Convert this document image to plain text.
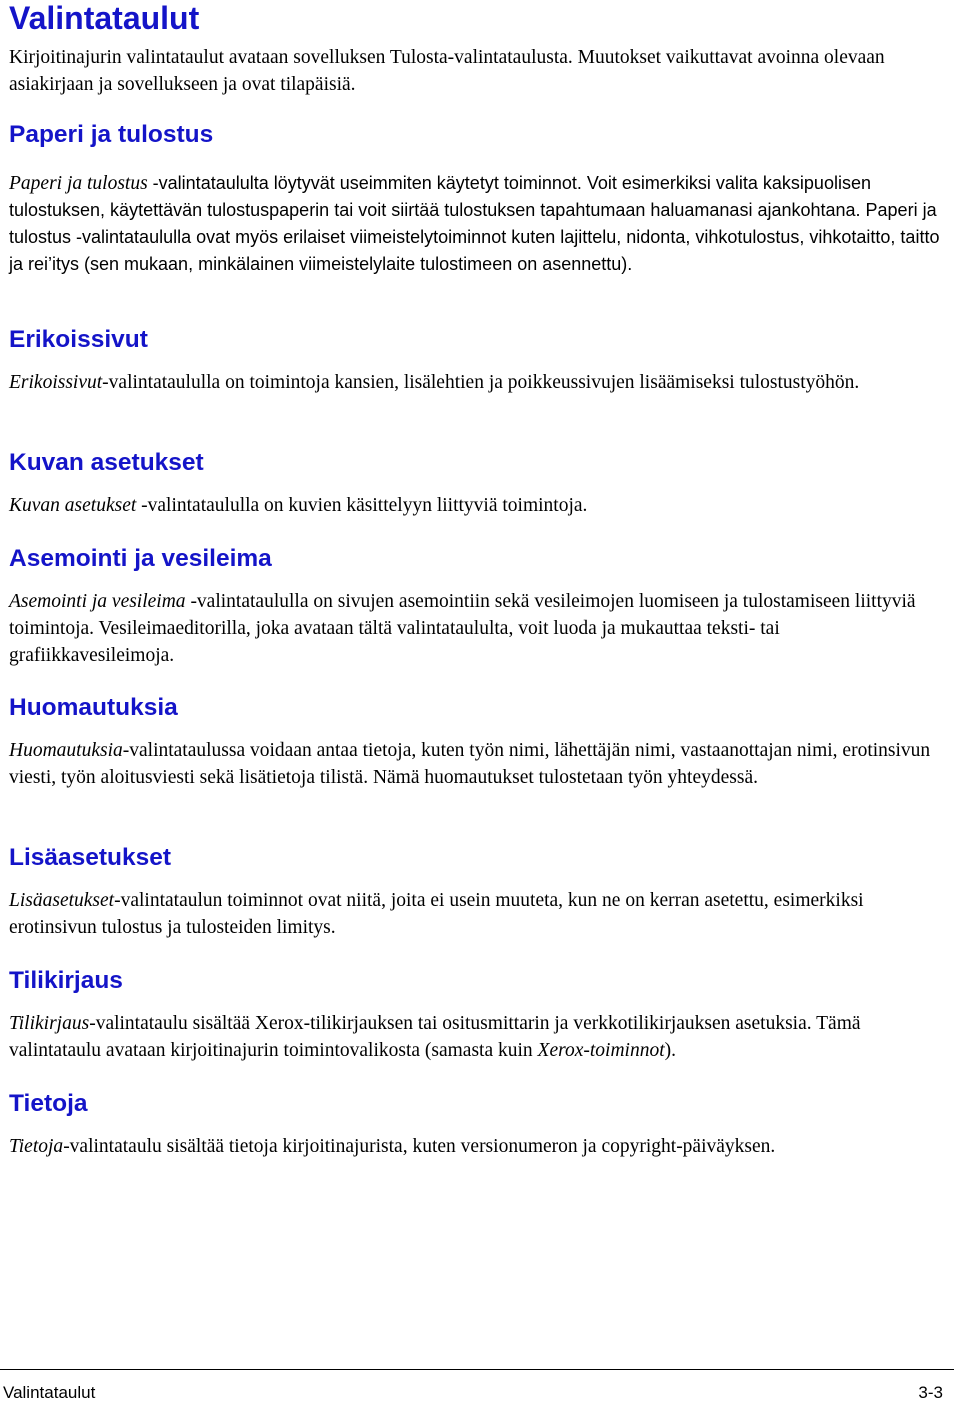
Valintataulut

Kirjoitinajurin valintataulut avataan sovelluksen Tulosta-valintataulusta. Muutokset vaikuttavat avoinna olevaan asiakirjaan ja sovellukseen ja ovat tilapäisiä.

Paperi ja tulostus

Paperi ja tulostus -valintataululta löytyvät useimmiten käytetyt toiminnot. Voit esimerkiksi valita kaksipuolisen tulostuksen, käytettävän tulostuspaperin tai voit siirtää tulostuksen tapahtumaan haluamanasi ajankohtana. Paperi ja tulostus -valintataululla ovat myös erilaiset viimeistelytoiminnot kuten lajittelu, nidonta, vihkotulostus, vihkotaitto, taitto ja rei’itys (sen mukaan, minkälainen viimeistelylaite tulostimeen on asennettu).

Erikoissivut

Erikoissivut-valintataululla on toimintoja kansien, lisälehtien ja poikkeussivujen lisäämiseksi tulostustyöhön.

Kuvan asetukset

Kuvan asetukset -valintataululla on kuvien käsittelyyn liittyviä toimintoja.

Asemointi ja vesileima

Asemointi ja vesileima -valintataululla on sivujen asemointiin sekä vesileimojen luomiseen ja tulostamiseen liittyviä toimintoja. Vesileimaeditorilla, joka avataan tältä valintataululta, voit luoda ja mukauttaa teksti- tai grafiikkavesileimoja.

Huomautuksia

Huomautuksia-valintataulussa voidaan antaa tietoja, kuten työn nimi, lähettäjän nimi, vastaanottajan nimi, erotinsivun viesti, työn aloitusviesti sekä lisätietoja tilistä. Nämä huomautukset tulostetaan työn yhteydessä.

Lisäasetukset

Lisäasetukset-valintataulun toiminnot ovat niitä, joita ei usein muuteta, kun ne on kerran asetettu, esimerkiksi erotinsivun tulostus ja tulosteiden limitys.

Tilikirjaus

Tilikirjaus-valintataulu sisältää Xerox-tilikirjauksen tai ositusmittarin ja verkkotilikirjauksen asetuksia. Tämä valintataulu avataan kirjoitinajurin toimintovalikosta (samasta kuin Xerox-toiminnot).

Tietoja

Tietoja-valintataulu sisältää tietoja kirjoitinajurista, kuten versionumeron ja copyright-päiväyksen.

Valintataulut	3-3
